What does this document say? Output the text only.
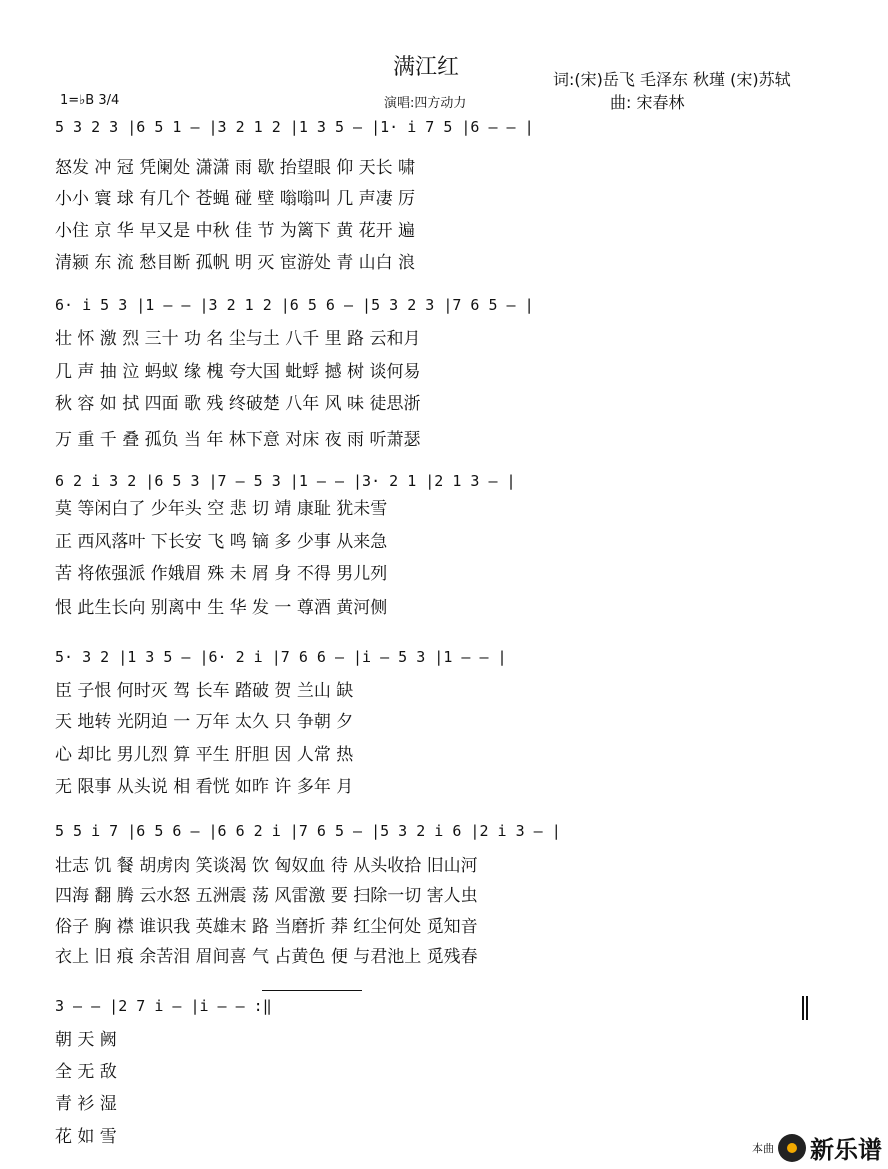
满江红	词:(宋)岳飞 毛泽东 秋瑾 (宋)苏轼
1=♭B 3/4	演唱:四方动力	曲: 宋春林
5 3 2 3 |6 5 1 – |3 2 1 2 |1 3 5 – |1· i 7 5 |6 – – |
怒发 冲 冠 凭阑处 潇潇 雨 歇 抬望眼 仰 天长 啸
小小 寰 球 有几个 苍蝇 碰 壁 嗡嗡叫 几 声凄 厉
小住 京 华 早又是 中秋 佳 节 为篱下 黄 花开 遍
清颍 东 流 愁目断 孤帆 明 灭 宦游处 青 山白 浪
6· i 5 3 |1 – – |3 2 1 2 |6 5 6 – |5 3 2 3 |7 6 5 – |
壮 怀 激 烈 三十 功 名 尘与土 八千 里 路 云和月
几 声 抽 泣 蚂蚁 缘 槐 夸大国 蚍蜉 撼 树 谈何易
秋 容 如 拭 四面 歌 残 终破楚 八年 风 味 徒思浙
万 重 千 叠 孤负 当 年 林下意 对床 夜 雨 听萧瑟
6 2 i 3 2 |6 5 3 |7 – 5 3 |1 – – |3· 2 1 |2 1 3 – |
莫 等闲白了 少年头 空 悲 切 靖 康耻 犹未雪
正 西风落叶 下长安 飞 鸣 镝 多 少事 从来急
苦 将侬强派 作娥眉 殊 未 屑 身 不得 男儿列
恨 此生长向 别离中 生 华 发 一 尊酒 黄河侧
5· 3 2 |1 3 5 – |6· 2 i |7 6 6 – |i – 5 3 |1 – – |
臣 子恨 何时灭 驾 长车 踏破 贺 兰山 缺
天 地转 光阴迫 一 万年 太久 只 争朝 夕
心 却比 男儿烈 算 平生 肝胆 因 人常 热
无 限事 从头说 相 看恍 如昨 许 多年 月
5 5 i 7 |6 5 6 – |6 6 2 i |7 6 5 – |5 3 2 i 6 |2 i 3 – |
壮志 饥 餐 胡虏肉 笑谈渴 饮 匈奴血 待 从头收拾 旧山河
四海 翻 腾 云水怒 五洲震 荡 风雷激 要 扫除一切 害人虫
俗子 胸 襟 谁识我 英雄末 路 当磨折 莽 红尘何处 觅知音
衣上 旧 痕 余苦泪 眉间喜 气 占黄色 便 与君池上 觅残春
3 – – |2 7 i – |i – – :‖
朝 天 阙
全 无 敌
青 衫 湿
花 如 雪
本曲 新乐谱
